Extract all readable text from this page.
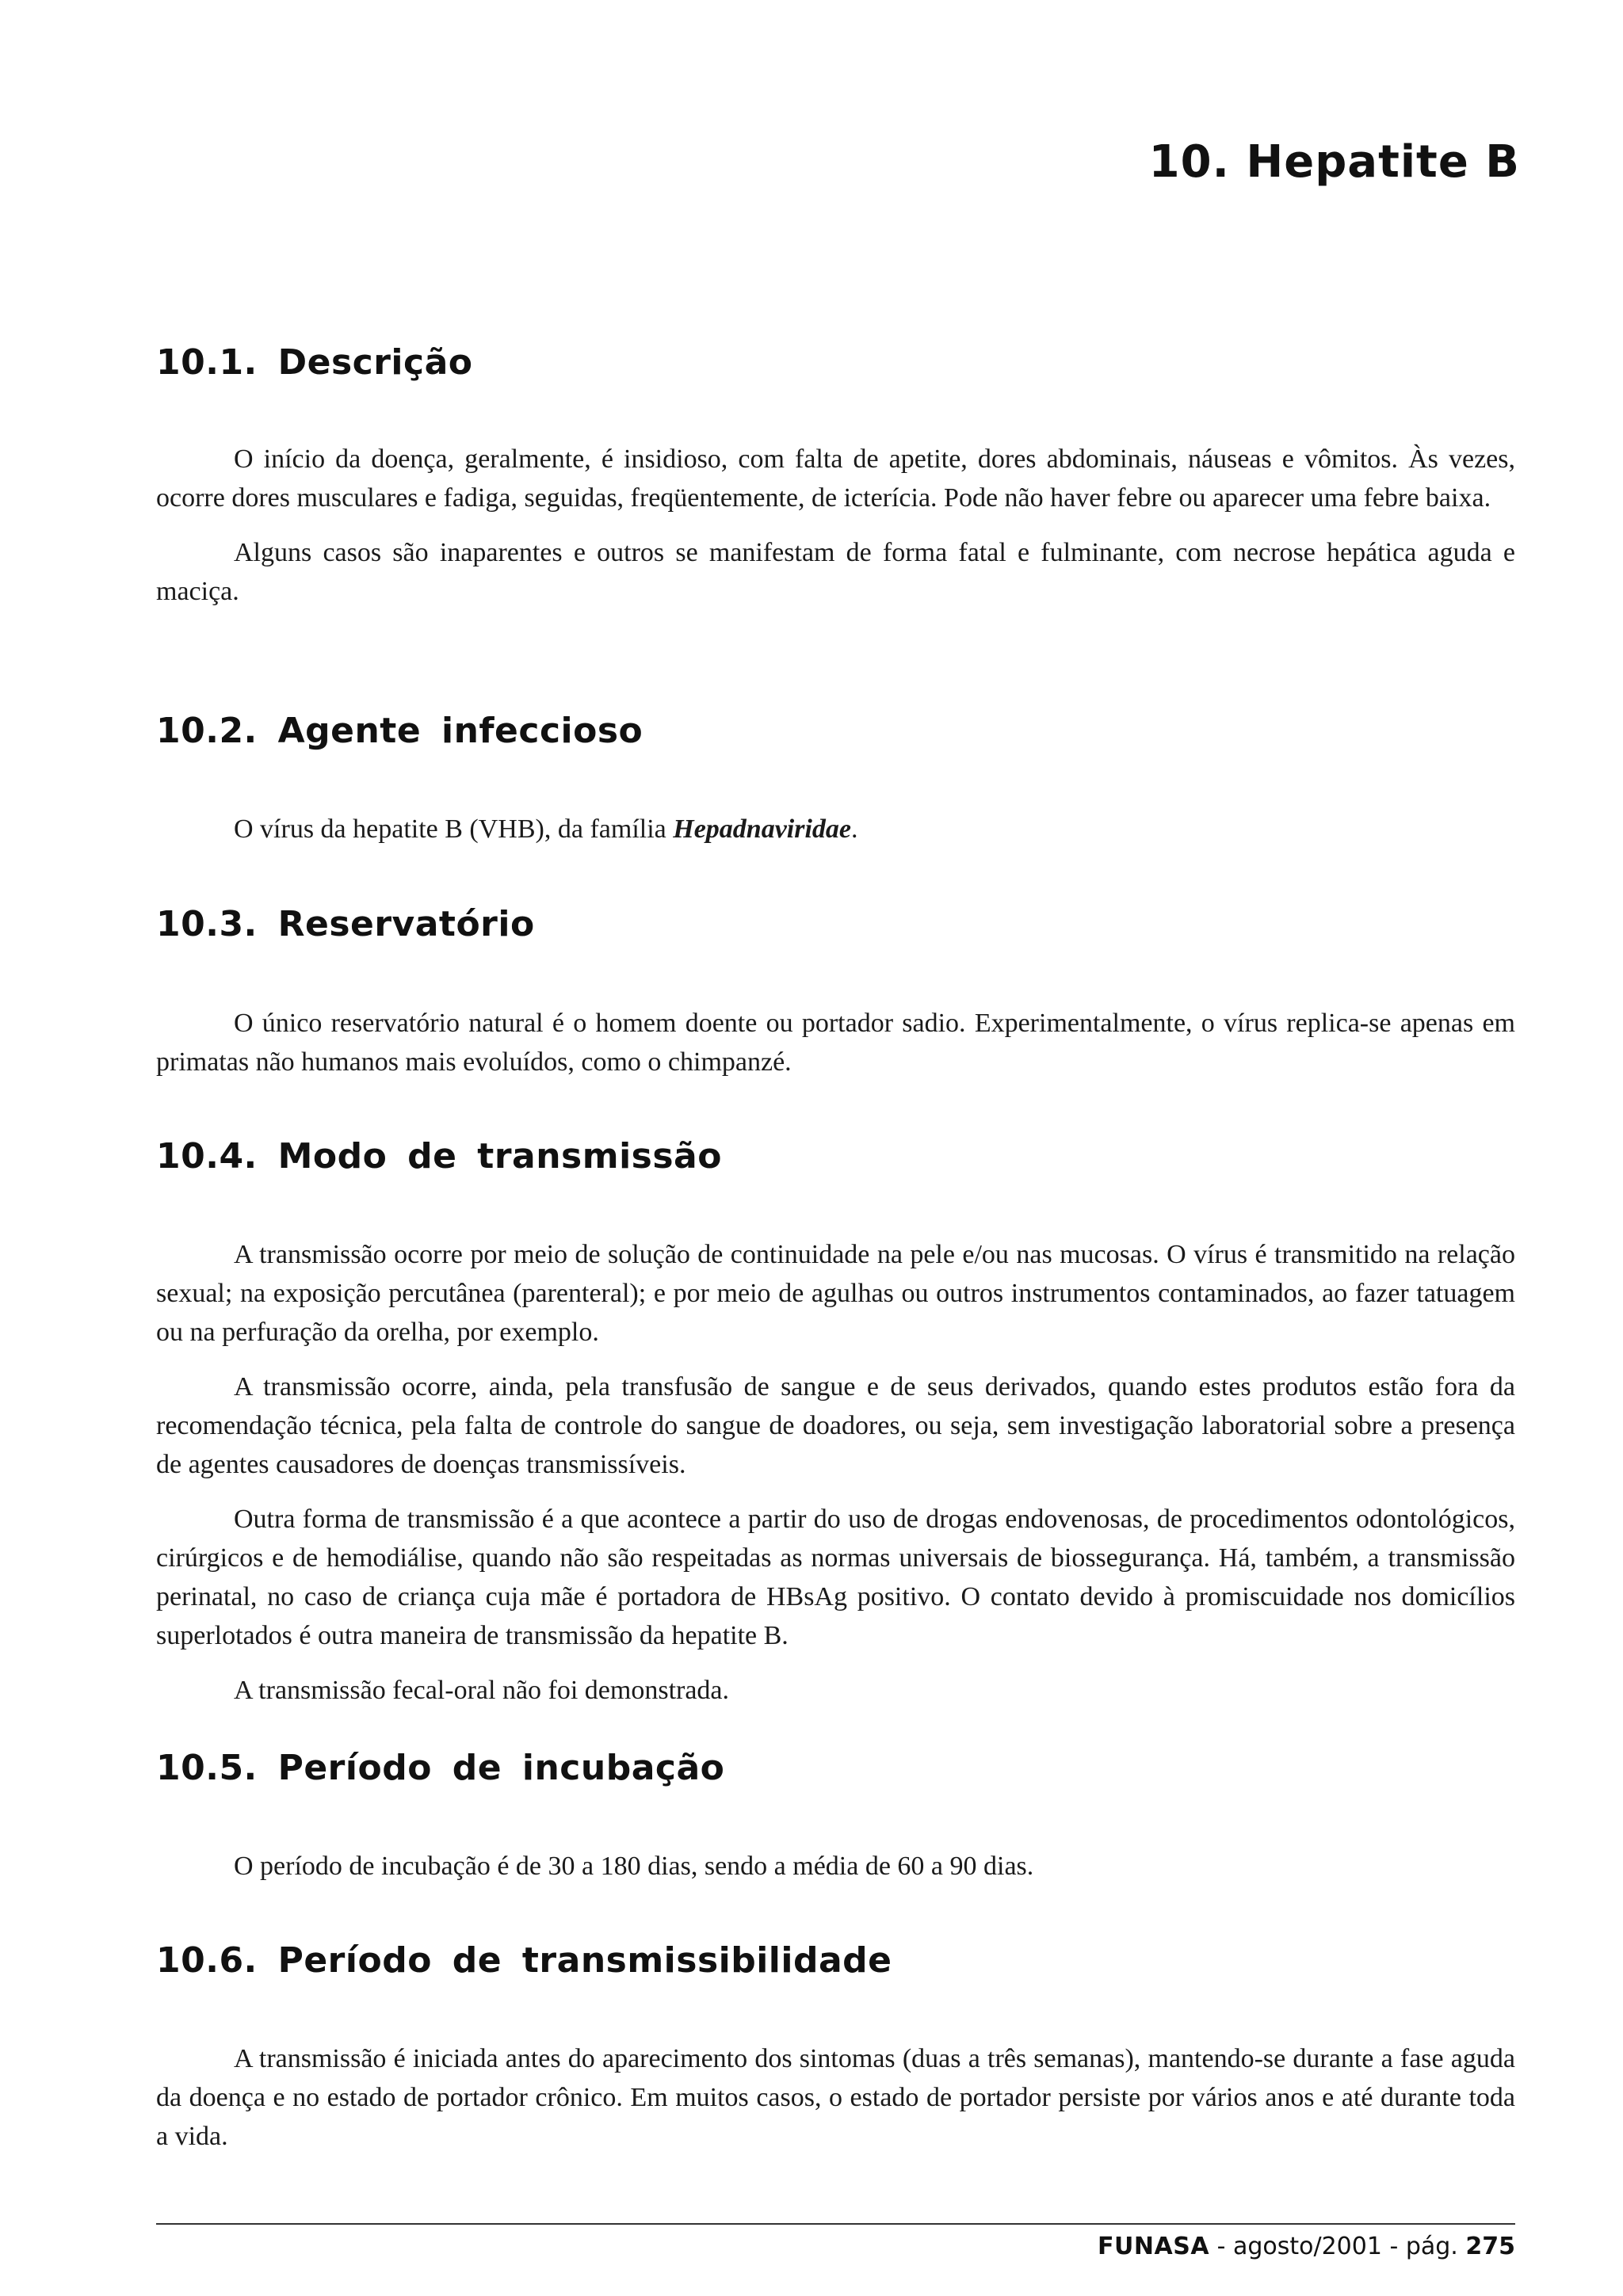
10. Hepatite B
10.1. Descrição

O início da doença, geralmente, é insidioso, com falta de apetite, dores abdominais, náuseas e vômitos. Às vezes, ocorre dores musculares e fadiga, seguidas, freqüentemente, de icterícia. Pode não haver febre ou aparecer uma febre baixa.

Alguns casos são inaparentes e outros se manifestam de forma fatal e fulminante, com necrose hepática aguda e maciça.

10.2. Agente infeccioso

O vírus da hepatite B (VHB), da família Hepadnaviridae.

10.3. Reservatório

O único reservatório natural é o homem doente ou portador sadio. Experimentalmente, o vírus replica-se apenas em primatas não humanos mais evoluídos, como o chimpanzé.

10.4. Modo de transmissão

A transmissão ocorre por meio de solução de continuidade na pele e/ou nas mucosas. O vírus é transmitido na relação sexual; na exposição percutânea (parenteral); e por meio de agulhas ou outros instrumentos contaminados, ao fazer tatuagem ou na perfuração da orelha, por exemplo.

A transmissão ocorre, ainda, pela transfusão de sangue e de seus derivados, quando estes produtos estão fora da recomendação técnica, pela falta de controle do sangue de doadores, ou seja, sem investigação laboratorial sobre a presença de agentes causadores de doenças transmissíveis.

Outra forma de transmissão é a que acontece a partir do uso de drogas endovenosas, de procedimentos odontológicos, cirúrgicos e de hemodiálise, quando não são respeitadas as normas universais de biossegurança. Há, também, a transmissão perinatal, no caso de criança cuja mãe é portadora de HBsAg positivo. O contato devido à promiscuidade nos domicílios superlotados é outra maneira de transmissão da hepatite B.

A transmissão fecal-oral não foi demonstrada.

10.5. Período de incubação

O período de incubação é de 30 a 180 dias, sendo a média de 60 a 90 dias.

10.6. Período de transmissibilidade

A transmissão é iniciada antes do aparecimento dos sintomas (duas a três semanas), mantendo-se durante a fase aguda da doença e no estado de portador crônico. Em muitos casos, o estado de portador persiste por vários anos e até durante toda a vida.

FUNASA - agosto/2001 - pág. 275
